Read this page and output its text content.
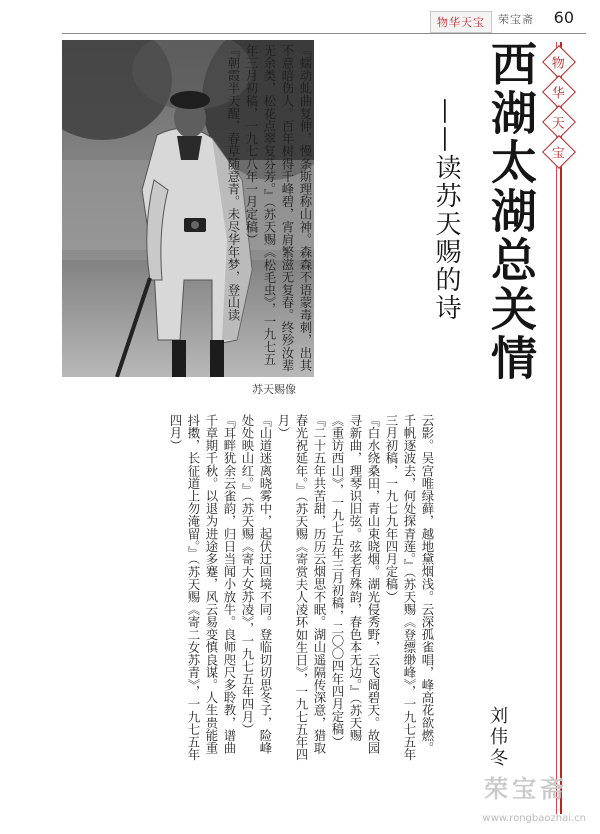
物华天宝	荣宝斋 60
苏天赐像

『蠕动虬曲复伸，慢条斯理称山神。森森不语蒙毒刺，出其不意暗伤人。百年树得千峰碧，宵肩繁滋无复春。终殄汝辈无余类，松花点翠复芬芳。』（苏天赐《松毛虫》，一九七五年三月初稿，一九七八年一月定稿）

『朝霞半天醒，春草随意青。未尽华年梦，登山读

云影。吴宫唯绿藓，越地黛烟浅。云深孤雀唱，峰高花欲燃。千帆逐波去，何处探青莲。』（苏天赐《登缥缈峰》，一九七五年三月初稿，一九七九年四月定稿）

『白水绕桑田，青山束晓烟。湖光侵秀野，云飞阔碧天。故园寻新曲，理琴识旧弦。弦老有殊韵，春色本无边。』（苏天赐《重访西山》，一九七五年三月初稿，二〇〇四年四月定稿）

『二十五年共苦甜，历历云烟思不眠。湖山遥隔传深意，猎取春光祝延年。』（苏天赐《寄赏夫人凌环如生日》，一九七五年四月）

『山道迷离晓雾中，起伏迂回境不同。登临切切思冬子，险峰处处映山红。』（苏天赐《寄大女苏凌》，一九七五年四月）

『耳畔犹余云雀韵，归日当闻小放牛。良师咫尺多聆教，谱曲千章期千秋。以退为进途多蹇，风云易变慎良谋。人生贵能重抖擞，长征道上勿淹留。』（苏天赐《寄二女苏青》，一九七五年四月）

物
华
天
宝
西湖太湖总关情
——读苏天赐的诗
刘伟冬
荣宝斋
www.rongbaozhai.cn
